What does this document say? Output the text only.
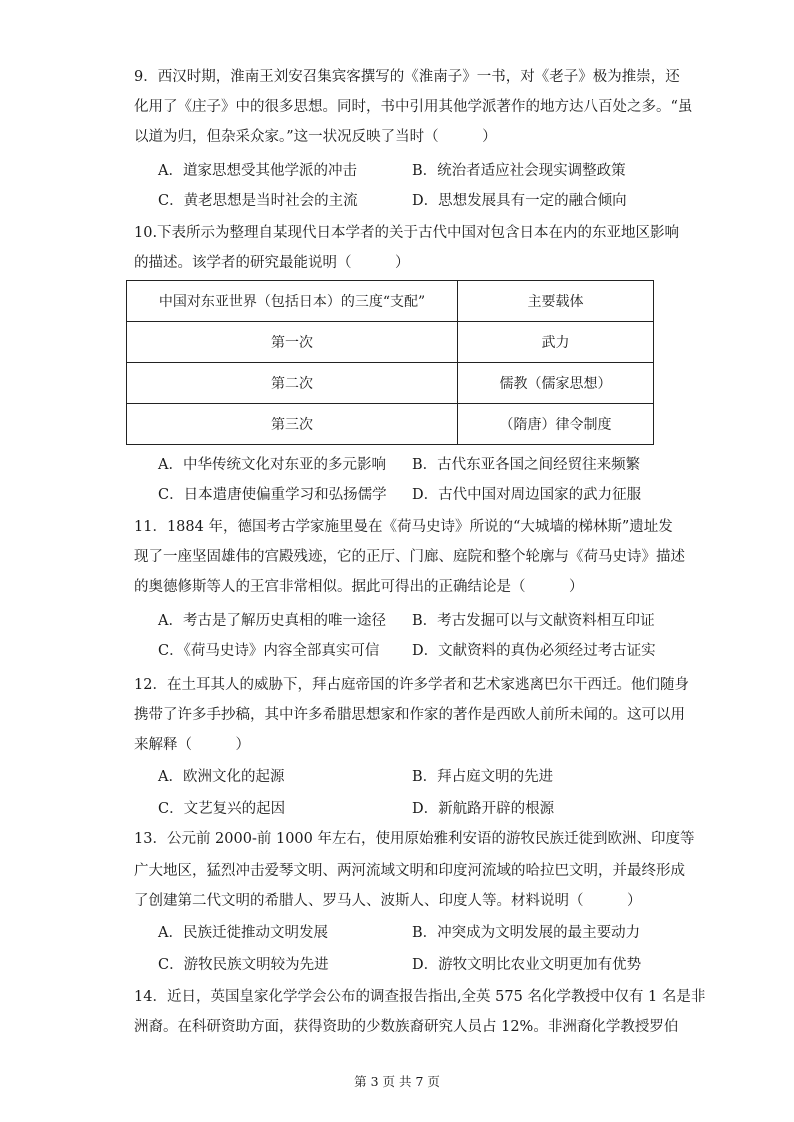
9．西汉时期，淮南王刘安召集宾客撰写的《淮南子》一书，对《老子》极为推崇，还
化用了《庄子》中的很多思想。同时，书中引用其他学派著作的地方达八百处之多。“虽
以道为归，但杂采众家。”这一状况反映了当时（　　　）
A．道家思想受其他学派的冲击	B．统治者适应社会现实调整政策
C．黄老思想是当时社会的主流	D．思想发展具有一定的融合倾向
10.下表所示为整理自某现代日本学者的关于古代中国对包含日本在内的东亚地区影响
的描述。该学者的研究最能说明（　　　）
中国对东亚世界（包括日本）的三度“支配”	主要载体
第一次	武力
第二次	儒教（儒家思想）
第三次	（隋唐）律令制度
A．中华传统文化对东亚的多元影响 B．古代东亚各国之间经贸往来频繁
C．日本遣唐使偏重学习和弘扬儒学 D．古代中国对周边国家的武力征服
11．1884 年，德国考古学家施里曼在《荷马史诗》所说的“大城墙的梯林斯”遗址发
现了一座坚固雄伟的宫殿残迹，它的正厅、门廊、庭院和整个轮廓与《荷马史诗》描述
的奥德修斯等人的王宫非常相似。据此可得出的正确结论是（　　　）
A．考古是了解历史真相的唯一途径 B．考古发掘可以与文献资料相互印证
C．《荷马史诗》内容全部真实可信 D．文献资料的真伪必须经过考古证实
12．在土耳其人的威胁下，拜占庭帝国的许多学者和艺术家逃离巴尔干西迁。他们随身
携带了许多手抄稿，其中许多希腊思想家和作家的著作是西欧人前所未闻的。这可以用
来解释（　　　）
A．欧洲文化的起源	B．拜占庭文明的先进
C．文艺复兴的起因	D．新航路开辟的根源
13．公元前 2000-前 1000 年左右，使用原始雅利安语的游牧民族迁徙到欧洲、印度等
广大地区，猛烈冲击爱琴文明、两河流域文明和印度河流域的哈拉巴文明，并最终形成
了创建第二代文明的希腊人、罗马人、波斯人、印度人等。材料说明（　　　）
A．民族迁徙推动文明发展	B．冲突成为文明发展的最主要动力
C．游牧民族文明较为先进	D．游牧文明比农业文明更加有优势
14．近日，英国皇家化学学会公布的调查报告指出,全英 575 名化学教授中仅有 1 名是非
洲裔。在科研资助方面，获得资助的少数族裔研究人员占 12%。非洲裔化学教授罗伯
第 3 页 共 7 页
